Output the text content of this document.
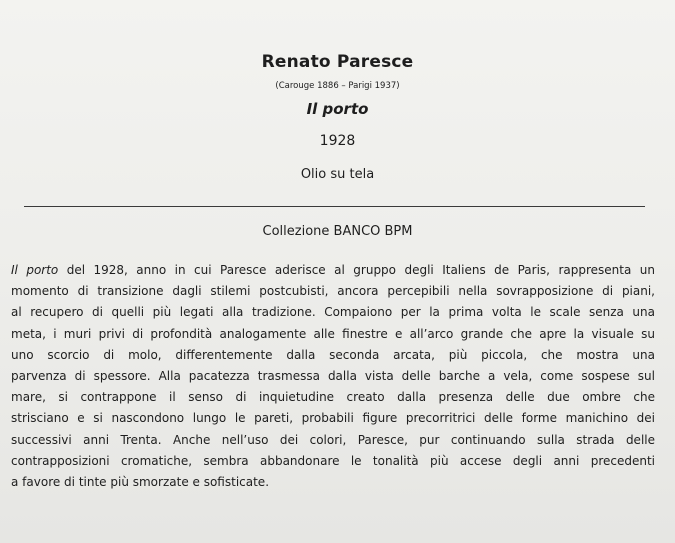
Renato Paresce
(Carouge 1886 – Parigi 1937)
Il porto
1928
Olio su tela
Collezione BANCO BPM
Il porto del 1928, anno in cui Paresce aderisce al gruppo degli Italiens de Paris, rappresenta un
momento di transizione dagli stilemi postcubisti, ancora percepibili nella sovrapposizione di piani,
al recupero di quelli più legati alla tradizione. Compaiono per la prima volta le scale senza una
meta, i muri privi di profondità analogamente alle finestre e all’arco grande che apre la visuale su
uno scorcio di molo, differentemente dalla seconda arcata, più piccola, che mostra una
parvenza di spessore. Alla pacatezza trasmessa dalla vista delle barche a vela, come sospese sul
mare, si contrappone il senso di inquietudine creato dalla presenza delle due ombre che
strisciano e si nascondono lungo le pareti, probabili figure precorritrici delle forme manichino dei
successivi anni Trenta. Anche nell’uso dei colori, Paresce, pur continuando sulla strada delle
contrapposizioni cromatiche, sembra abbandonare le tonalità più accese degli anni precedenti
a favore di tinte più smorzate e sofisticate.
